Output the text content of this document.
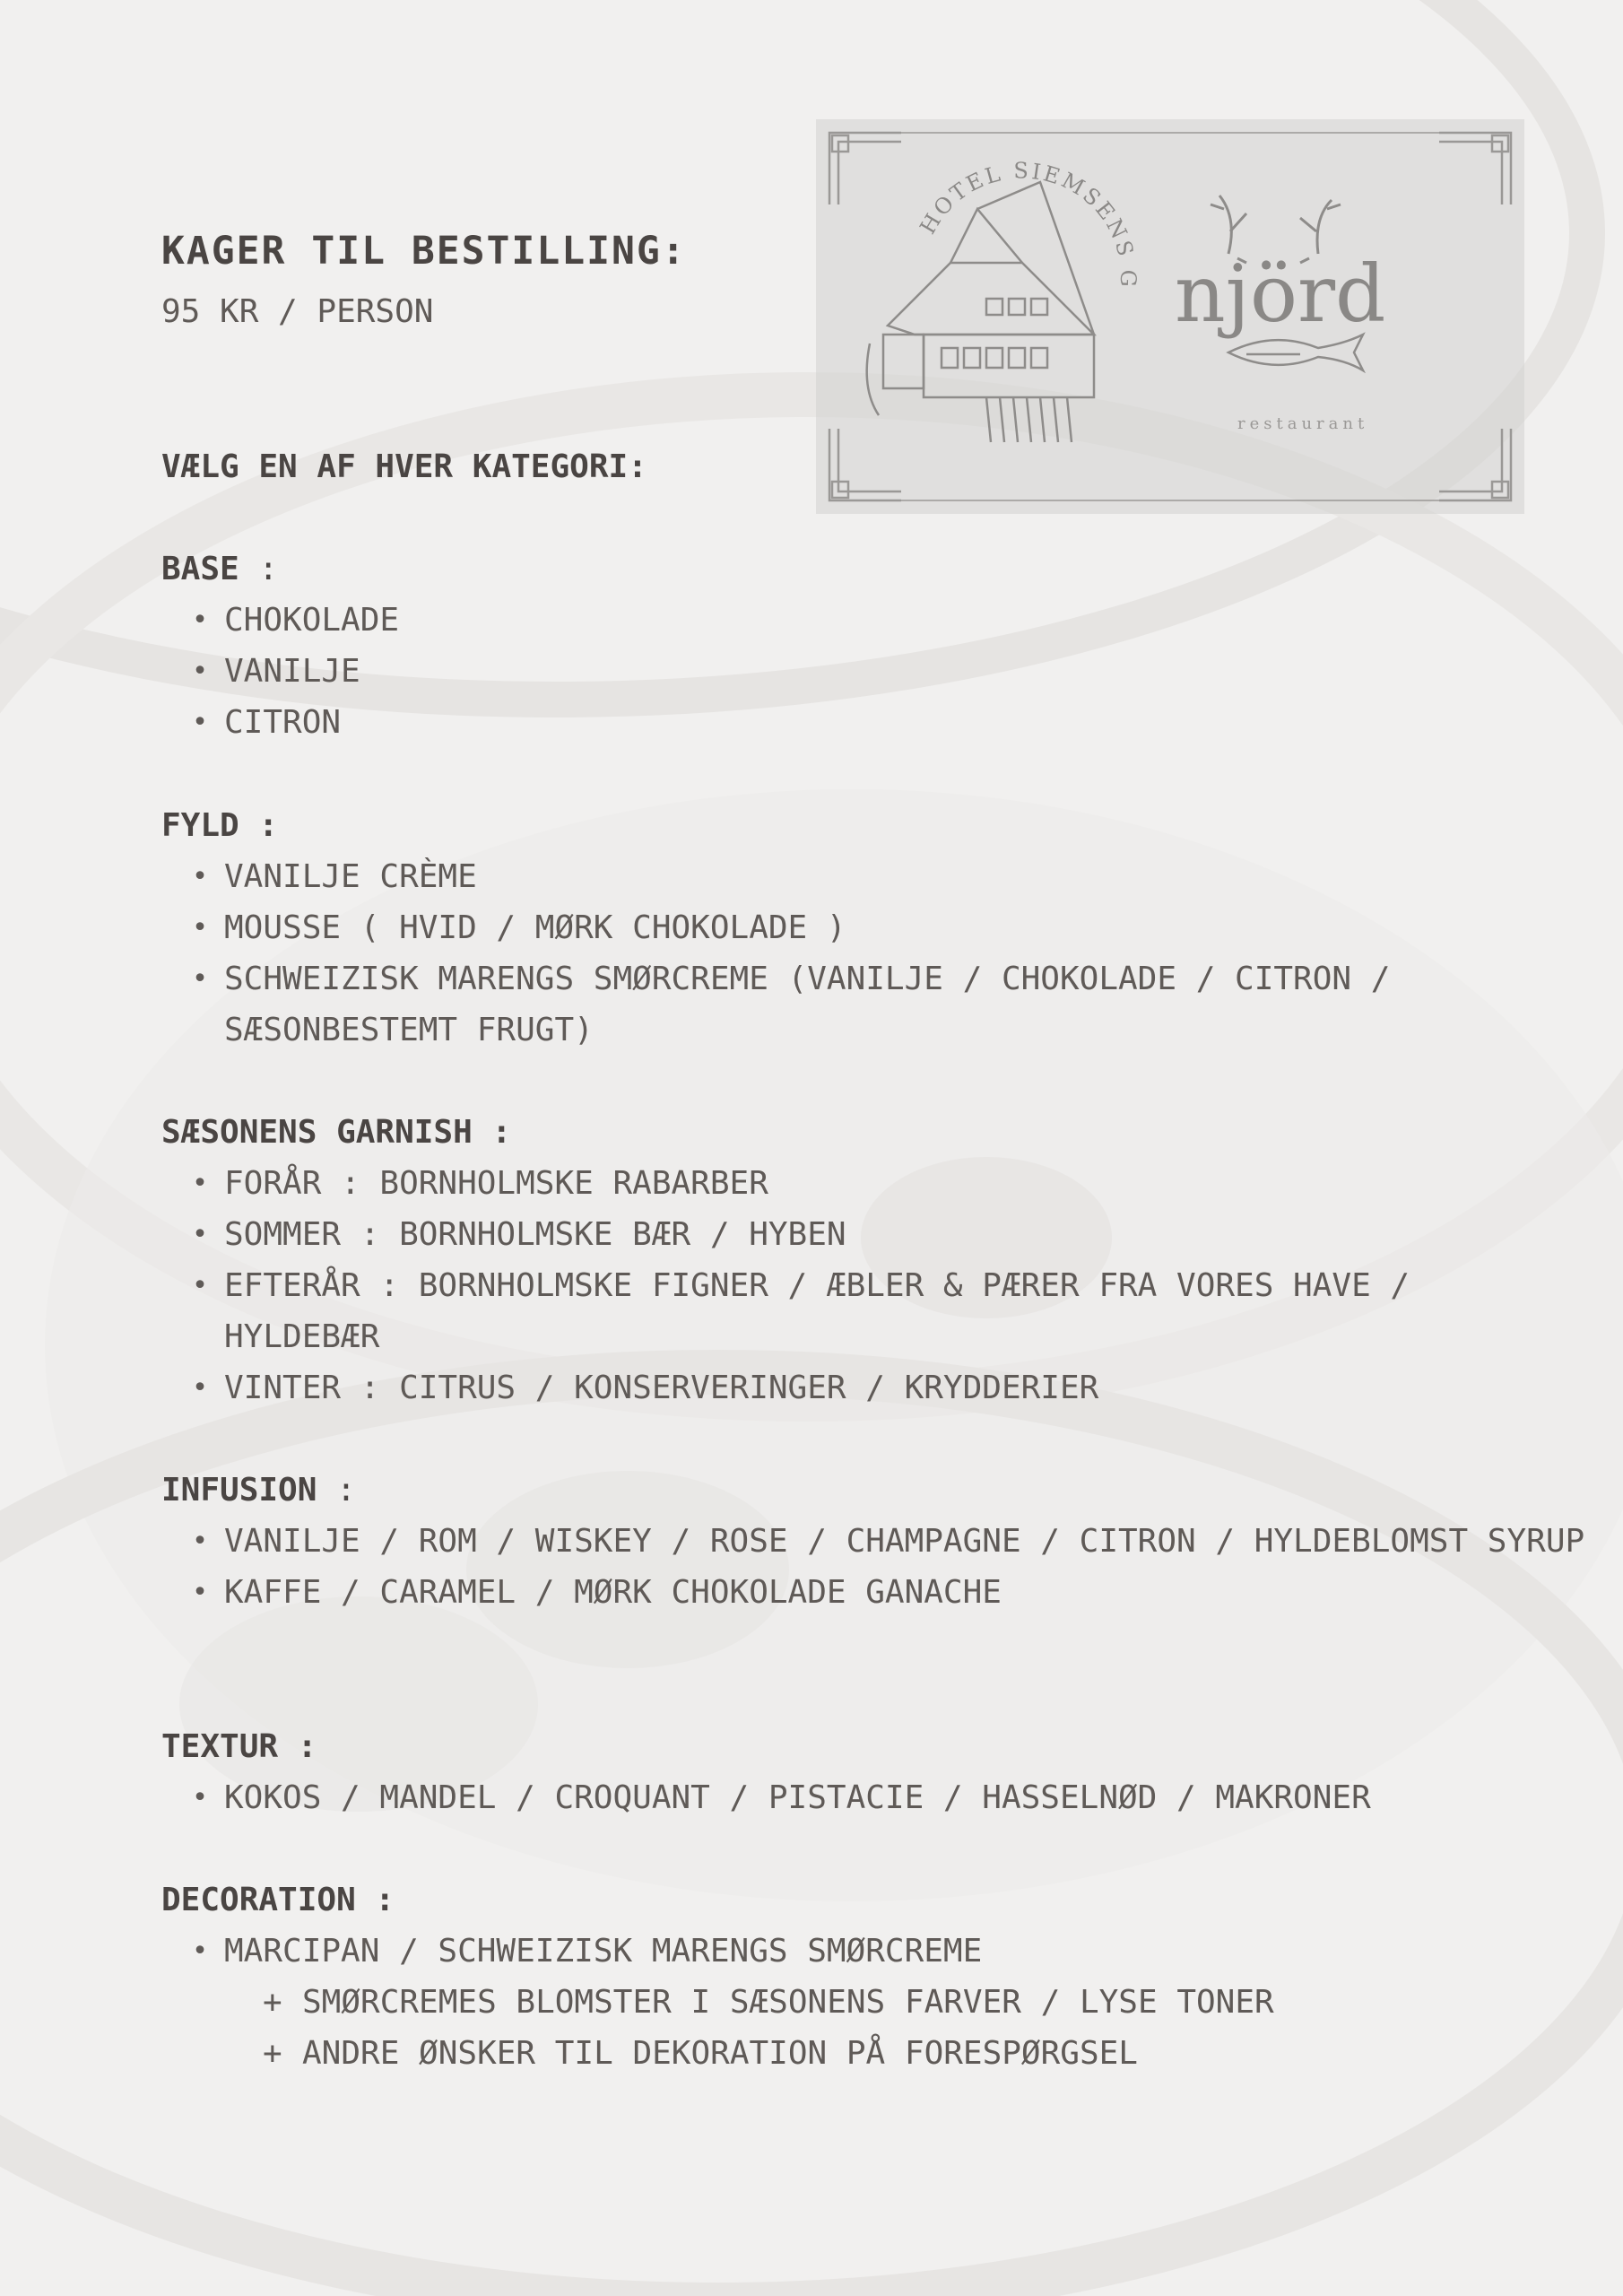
KAGER TIL BESTILLING:
95 KR / PERSON
HOTEL SIEMSENS G njörd
restaurant
VÆLG EN AF HVER KATEGORI:
BASE :
• CHOKOLADE
• VANILJE
• CITRON
FYLD :
• VANILJE CRÈME
• MOUSSE ( HVID / MØRK CHOKOLADE )
• SCHWEIZISK MARENGS SMØRCREME (VANILJE / CHOKOLADE / CITRON / SÆSONBESTEMT FRUGT)
SÆSONENS GARNISH :
• FORÅR : BORNHOLMSKE RABARBER
• SOMMER : BORNHOLMSKE BÆR / HYBEN
• EFTERÅR : BORNHOLMSKE FIGNER / ÆBLER & PÆRER FRA VORES HAVE / HYLDEBÆR
• VINTER : CITRUS / KONSERVERINGER / KRYDDERIER
INFUSION :
• VANILJE / ROM / WISKEY / ROSE / CHAMPAGNE / CITRON / HYLDEBLOMST SYRUP
• KAFFE / CARAMEL / MØRK CHOKOLADE GANACHE
TEXTUR :
• KOKOS / MANDEL / CROQUANT / PISTACIE / HASSELNØD / MAKRONER
DECORATION :
• MARCIPAN / SCHWEIZISK MARENGS SMØRCREME
+ SMØRCREMES BLOMSTER I SÆSONENS FARVER / LYSE TONER
+ ANDRE ØNSKER TIL DEKORATION PÅ FORESPØRGSEL
